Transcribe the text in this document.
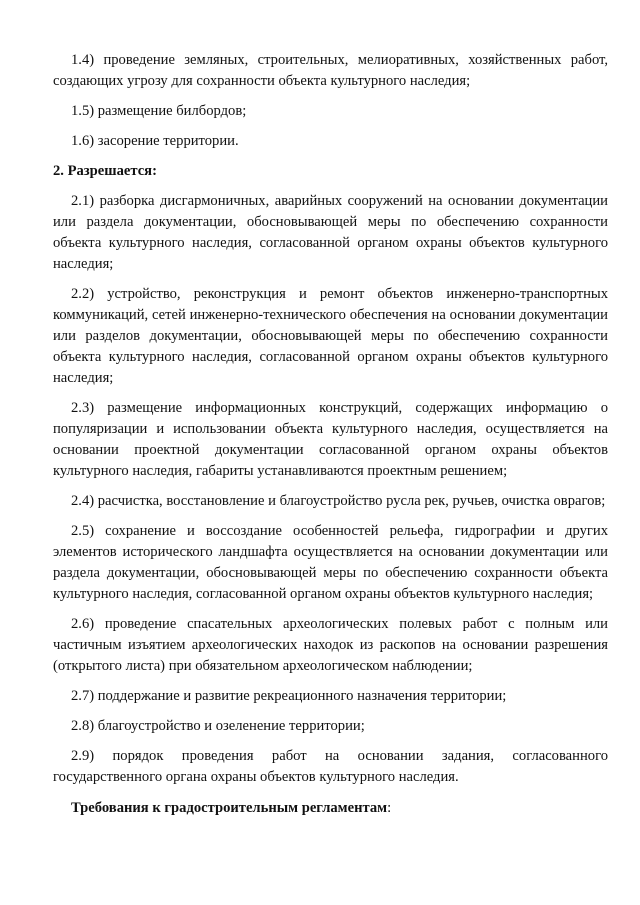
1.4) проведение земляных, строительных, мелиоративных, хозяйственных работ, создающих угрозу для сохранности объекта культурного наследия;

1.5) размещение билбордов;

1.6) засорение территории.

2. Разрешается:

2.1) разборка дисгармоничных, аварийных сооружений на основании документации или раздела документации, обосновывающей меры по обеспечению сохранности объекта культурного наследия, согласованной органом охраны объектов культурного наследия;

2.2) устройство, реконструкция и ремонт объектов инженерно-транспортных коммуникаций, сетей инженерно-технического обеспечения на основании документации или разделов документации, обосновывающей меры по обеспечению сохранности объекта культурного наследия, согласованной органом охраны объектов культурного наследия;

2.3) размещение информационных конструкций, содержащих информацию о популяризации и использовании объекта культурного наследия, осуществляется на основании проектной документации согласованной органом охраны объектов культурного наследия, габариты устанавливаются проектным решением;

2.4) расчистка, восстановление и благоустройство русла рек, ручьев, очистка оврагов;

2.5) сохранение и воссоздание особенностей рельефа, гидрографии и других элементов исторического ландшафта осуществляется на основании документации или раздела документации, обосновывающей меры по обеспечению сохранности объекта культурного наследия, согласованной органом охраны объектов культурного наследия;

2.6) проведение спасательных археологических полевых работ с полным или частичным изъятием археологических находок из раскопов на основании разрешения (открытого листа) при обязательном археологическом наблюдении;

2.7) поддержание и развитие рекреационного назначения территории;

2.8) благоустройство и озеленение территории;

2.9) порядок проведения работ на основании задания, согласованного государственного органа охраны объектов культурного наследия.

Требования к градостроительным регламентам:
